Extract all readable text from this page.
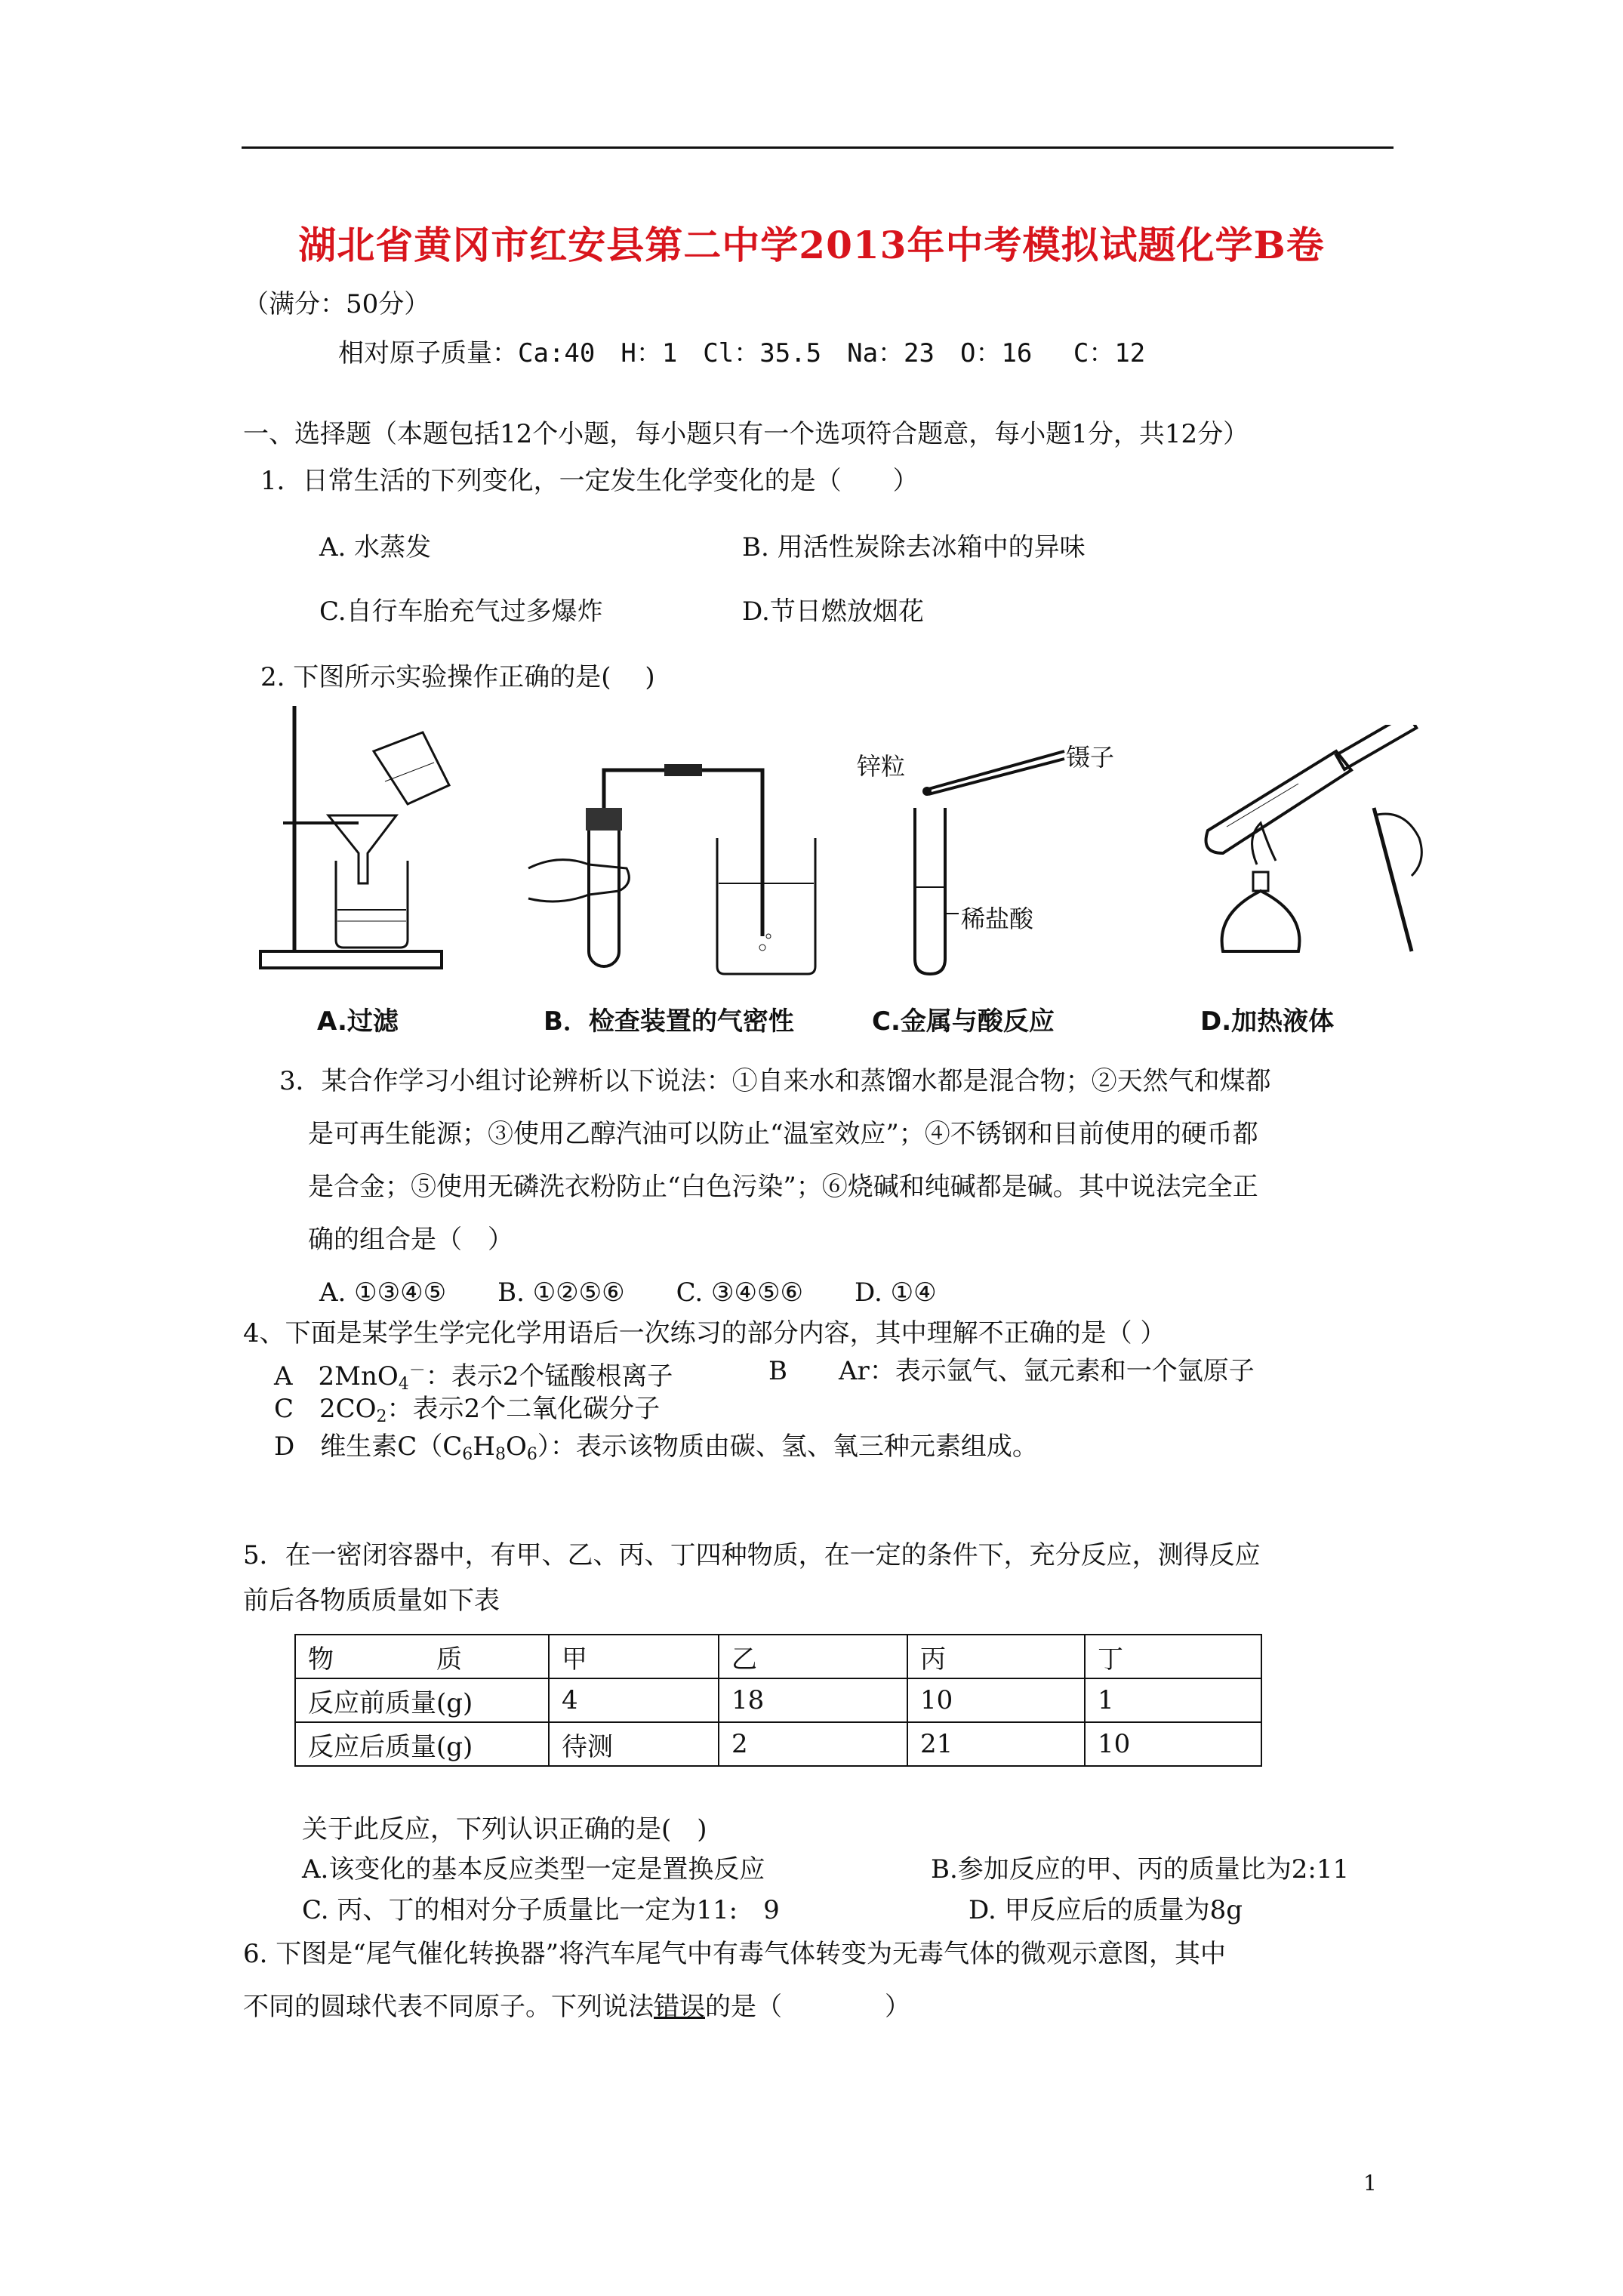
湖北省黄冈市红安县第二中学2013年中考模拟试题化学B卷
（满分：50分）
相对原子质量：Ca:40　H：1　Cl：35.5　Na：23　O：16　 C：12
一、选择题（本题包括12个小题，每小题只有一个选项符合题意，每小题1分，共12分）
1．日常生活的下列变化，一定发生化学变化的是（　　）
A. 水蒸发	B. 用活性炭除去冰箱中的异味
C.自行车胎充气过多爆炸	D.节日燃放烟花
2. 下图所示实验操作正确的是(　 )
A.过滤	B．检查装置的气密性
锌粒	镊子
稀盐酸
C.金属与酸反应	D.加热液体
3．某合作学习小组讨论辨析以下说法：①自来水和蒸馏水都是混合物；②天然气和煤都
是可再生能源；③使用乙醇汽油可以防止“温室效应”；④不锈钢和目前使用的硬币都
是合金；⑤使用无磷洗衣粉防止“白色污染”；⑥烧碱和纯碱都是碱。其中说法完全正
确的组合是（　）
A. ①③④⑤　　B. ①②⑤⑥　　C. ③④⑤⑥　　D. ①④
4、下面是某学生学完化学用语后一次练习的部分内容，其中理解不正确的是（ ）
A　2MnO$_4$－：表示2个锰酸根离子	B　　Ar：表示氩气、氩元素和一个氩原子
C　$2CO_2$：表示2个二氧化碳分子
D　维生素$C(C_6H_8O_6)$：表示该物质由碳、氢、氧三种元素组成。
5．在一密闭容器中，有甲、乙、丙、丁四种物质，在一定的条件下，充分反应，测得反应
前后各物质质量如下表
物　　　　质	甲	乙	丙	丁
反应前质量(g)	4	18	10	1
反应后质量(g)	待测	2	21	10
关于此反应，下列认识正确的是(　)
A.该变化的基本反应类型一定是置换反应	B.参加反应的甲、丙的质量比为2:11
C. 丙、丁的相对分子质量比一定为11:　9	D. 甲反应后的质量为8g
6. 下图是“尾气催化转换器”将汽车尾气中有毒气体转变为无毒气体的微观示意图，其中
不同的圆球代表不同原子。下列说法错误的是（　　　　）
1
